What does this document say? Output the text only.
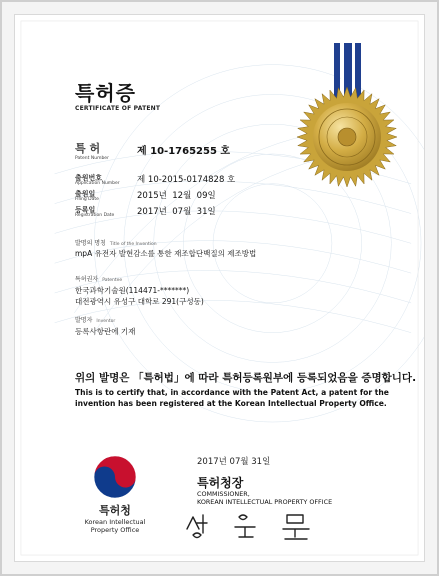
특허증
CERTIFICATE OF PATENT
특 허
Patent Number
제 10-1765255 호
출원번호
Application Number 제 10-2015-0174828 호
출원일
Filing Date	2015년  12월  09일
등록일
Registration Date	2017년  07월  31일
발명의 명칭 Title of the Invention
mpA 유전자 발현감소를 통한 재조합단백질의 제조방법
특허권자 Patentee
한국과학기술원(114471-*******)
대전광역시 유성구 대학로 291(구성동)
발명자 Inventor
등록사항란에 기재
위의 발명은 「특허법」에 따라 특허등록원부에 등록되었음을 증명합니다.
This is to certify that, in accordance with the Patent Act, a patent for the invention has been registered at the Korean Intellectual Property Office.
특허청
Korean Intellectual
Property Office
2017년 07월 31일
특허청장
COMMISSIONER,
KOREAN INTELLECTUAL PROPERTY OFFICE
